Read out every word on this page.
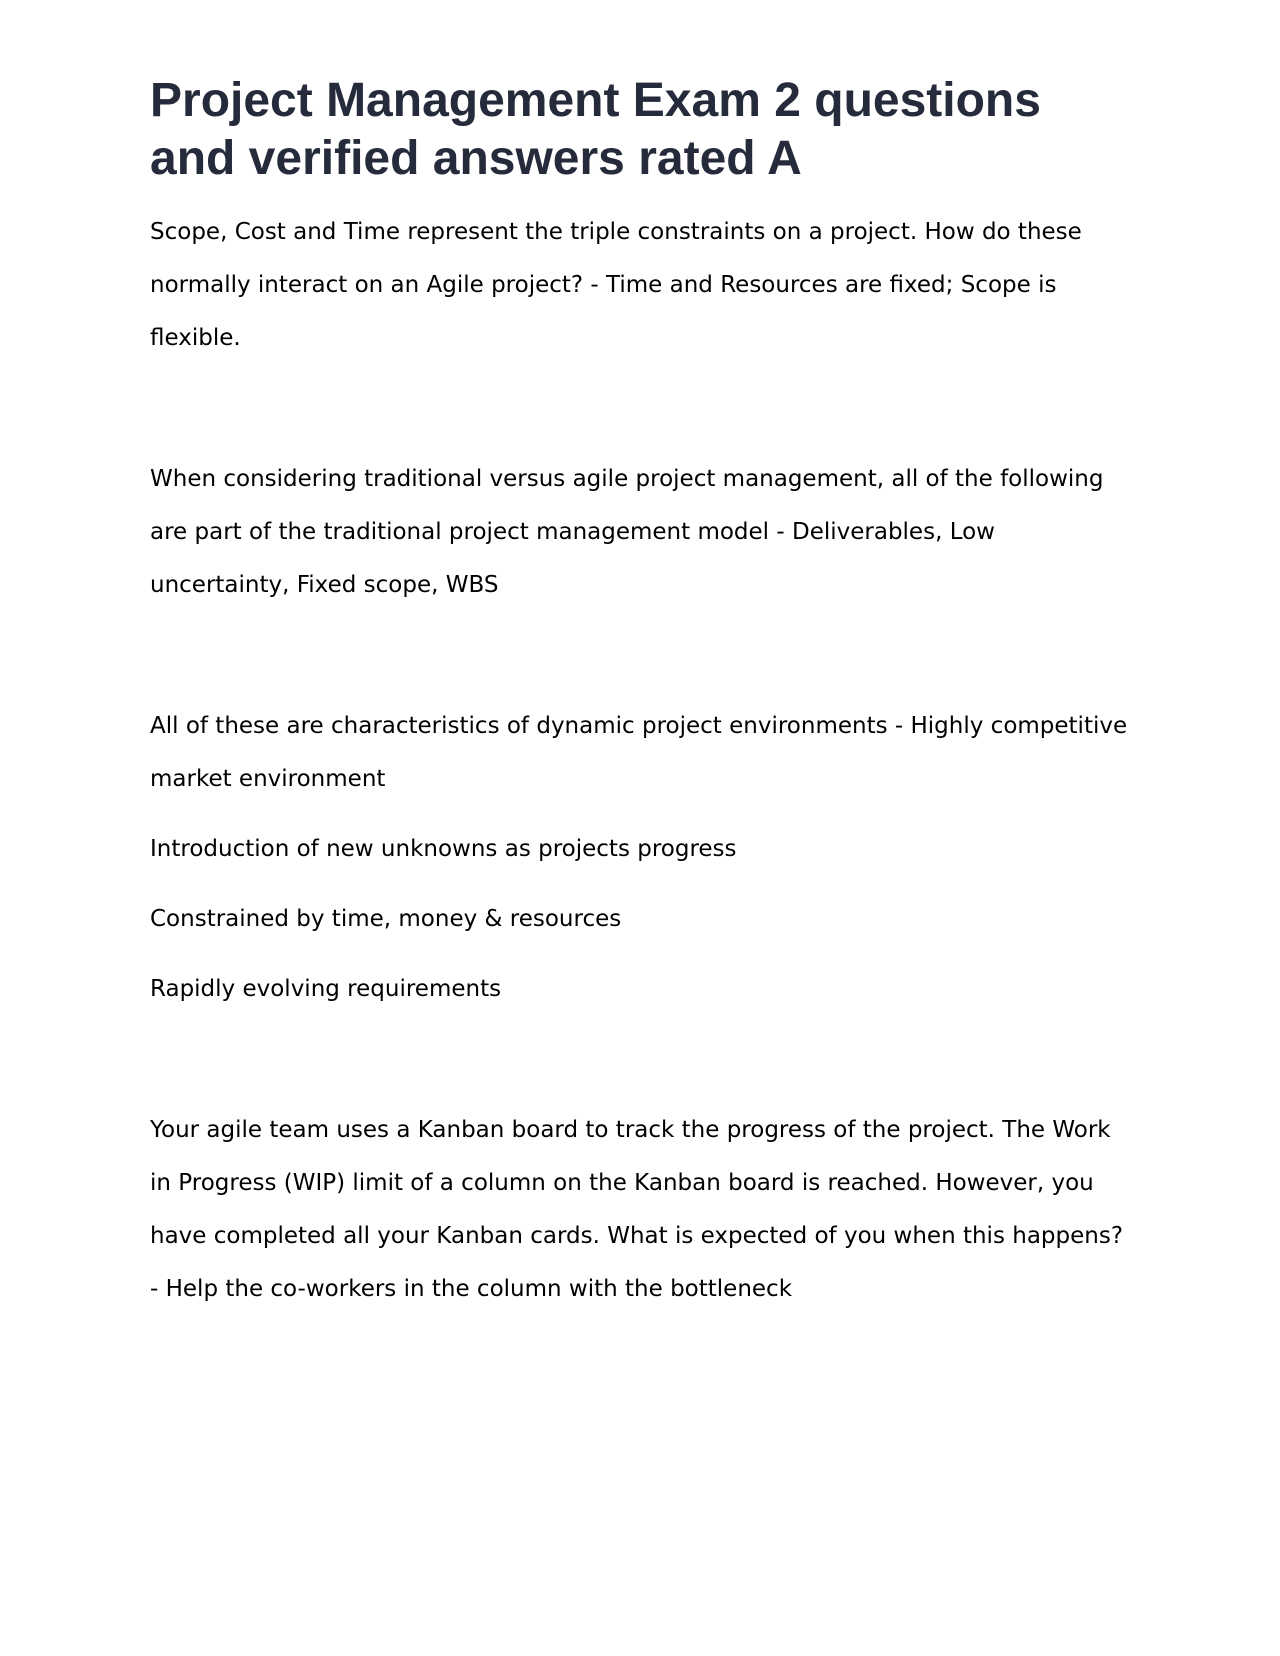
Project Management Exam 2 questions and verified answers rated A

Scope, Cost and Time represent the triple constraints on a project. How do these normally interact on an Agile project? - Time and Resources are fixed; Scope is flexible.

When considering traditional versus agile project management, all of the following are part of the traditional project management model - Deliverables, Low uncertainty, Fixed scope, WBS

All of these are characteristics of dynamic project environments - Highly competitive market environment

Introduction of new unknowns as projects progress

Constrained by time, money & resources

Rapidly evolving requirements

Your agile team uses a Kanban board to track the progress of the project. The Work in Progress (WIP) limit of a column on the Kanban board is reached. However, you have completed all your Kanban cards. What is expected of you when this happens? - Help the co-workers in the column with the bottleneck
